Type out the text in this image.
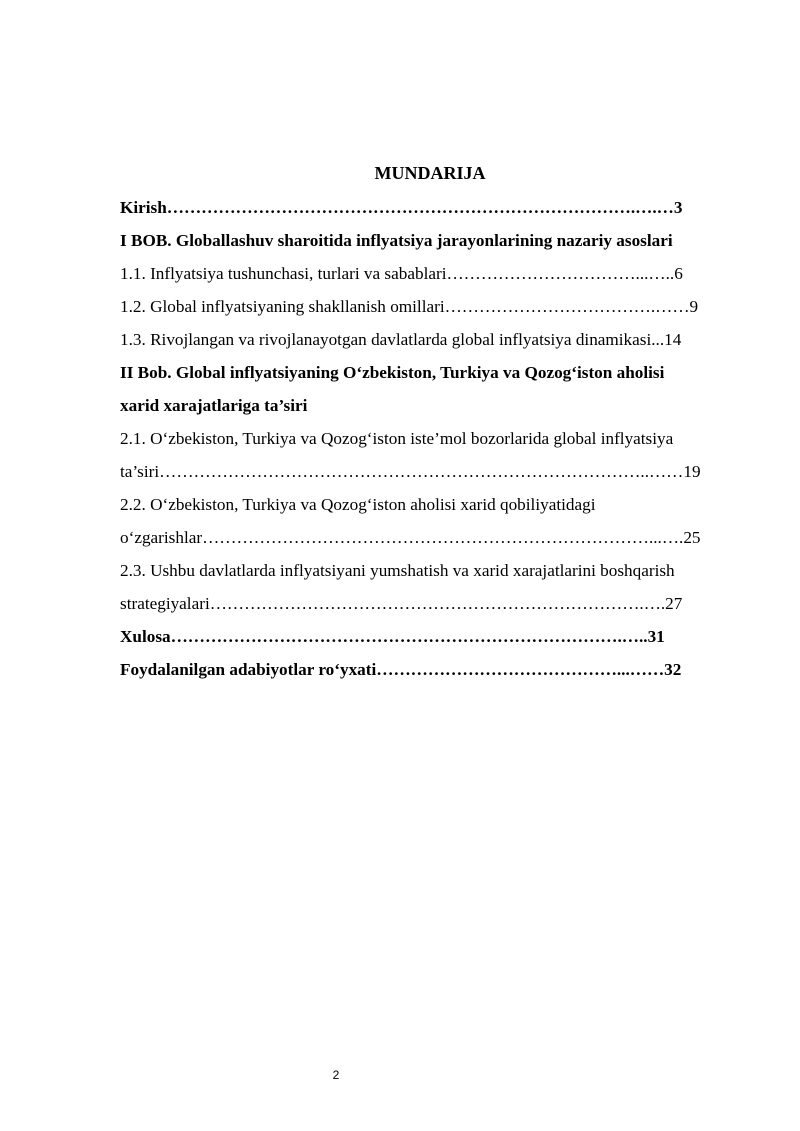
MUNDARIJA
Kirish……………………………………………………………………….….…3
I BOB. Globallashuv sharoitida inflyatsiya jarayonlarining nazariy asoslari
1.1. Inflyatsiya tushunchasi, turlari va sabablari……………………………...…..6
1.2. Global inflyatsiyaning shakllanish omillari……………………………….……9
1.3. Rivojlangan va rivojlanayotgan davlatlarda global inflyatsiya dinamikasi...14
II Bob. Global inflyatsiyaning O‘zbekiston, Turkiya va Qozog‘iston aholisi
xarid xarajatlariga ta’siri
2.1. O‘zbekiston, Turkiya va Qozog‘iston iste’mol bozorlarida global inflyatsiya
ta’siri…………………………………………………………………………..……19
2.2. O‘zbekiston, Turkiya va Qozog‘iston aholisi xarid qobiliyatidagi
o‘zgarishlar……………………………………………………………………...….25
2.3. Ushbu davlatlarda inflyatsiyani yumshatish va xarid xarajatlarini boshqarish
strategiyalari………………………………………………………………….….27
Xulosa…………………………………………………………………….…..31
Foydalanilgan adabiyotlar ro‘yxati……………………………………...……32
2
